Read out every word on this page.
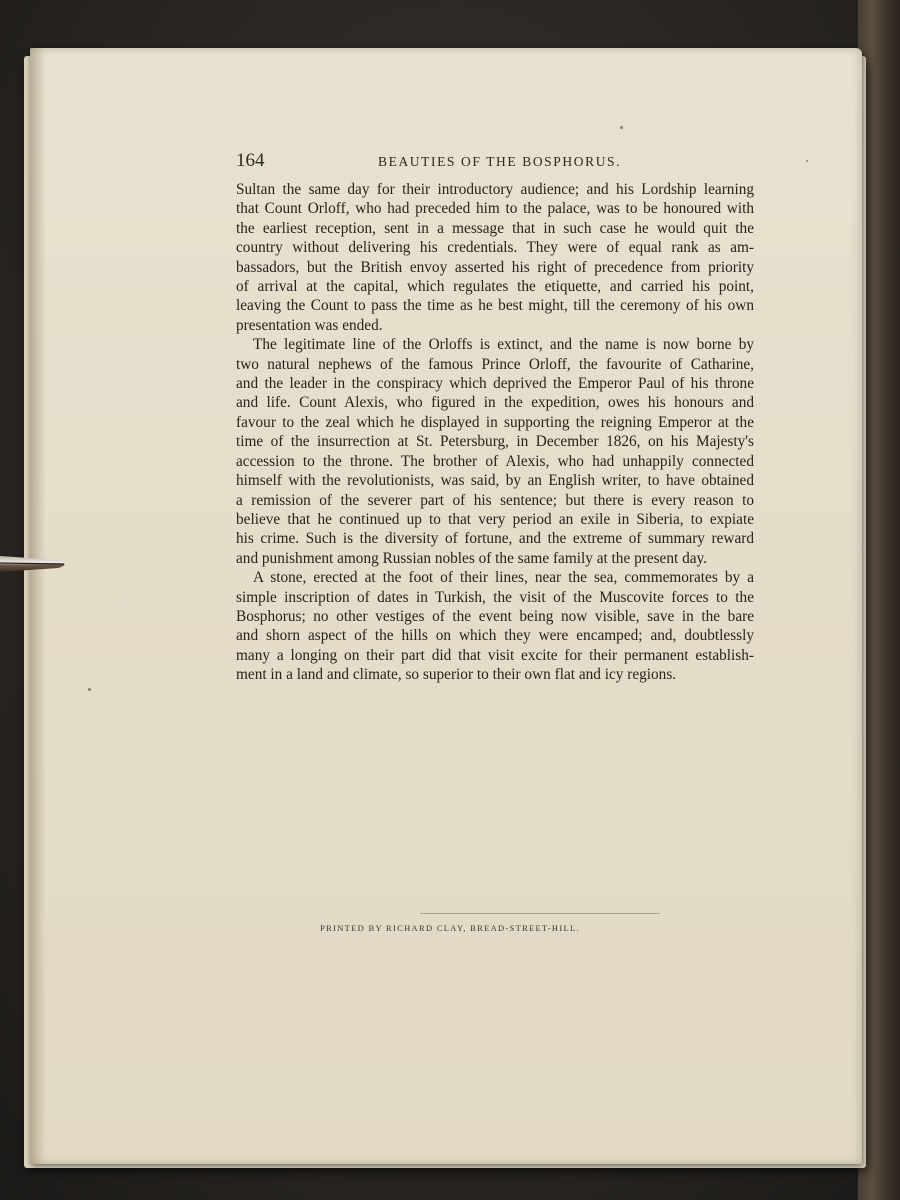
164	BEAUTIES OF THE BOSPHORUS.

Sultan the same day for their introductory audience; and his Lordship learning
that Count Orloff, who had preceded him to the palace, was to be honoured with
the earliest reception, sent in a message that in such case he would quit the
country without delivering his credentials. They were of equal rank as am-
bassadors, but the British envoy asserted his right of precedence from priority
of arrival at the capital, which regulates the etiquette, and carried his point,
leaving the Count to pass the time as he best might, till the ceremony of his own
presentation was ended.

The legitimate line of the Orloffs is extinct, and the name is now borne by
two natural nephews of the famous Prince Orloff, the favourite of Catharine,
and the leader in the conspiracy which deprived the Emperor Paul of his throne
and life. Count Alexis, who figured in the expedition, owes his honours and
favour to the zeal which he displayed in supporting the reigning Emperor at the
time of the insurrection at St. Petersburg, in December 1826, on his Majesty's
accession to the throne. The brother of Alexis, who had unhappily connected
himself with the revolutionists, was said, by an English writer, to have obtained
a remission of the severer part of his sentence; but there is every reason to
believe that he continued up to that very period an exile in Siberia, to expiate
his crime. Such is the diversity of fortune, and the extreme of summary reward
and punishment among Russian nobles of the same family at the present day.

A stone, erected at the foot of their lines, near the sea, commemorates by a
simple inscription of dates in Turkish, the visit of the Muscovite forces to the
Bosphorus; no other vestiges of the event being now visible, save in the bare
and shorn aspect of the hills on which they were encamped; and, doubtlessly
many a longing on their part did that visit excite for their permanent establish-
ment in a land and climate, so superior to their own flat and icy regions.

PRINTED BY RICHARD CLAY, BREAD-STREET-HILL.
